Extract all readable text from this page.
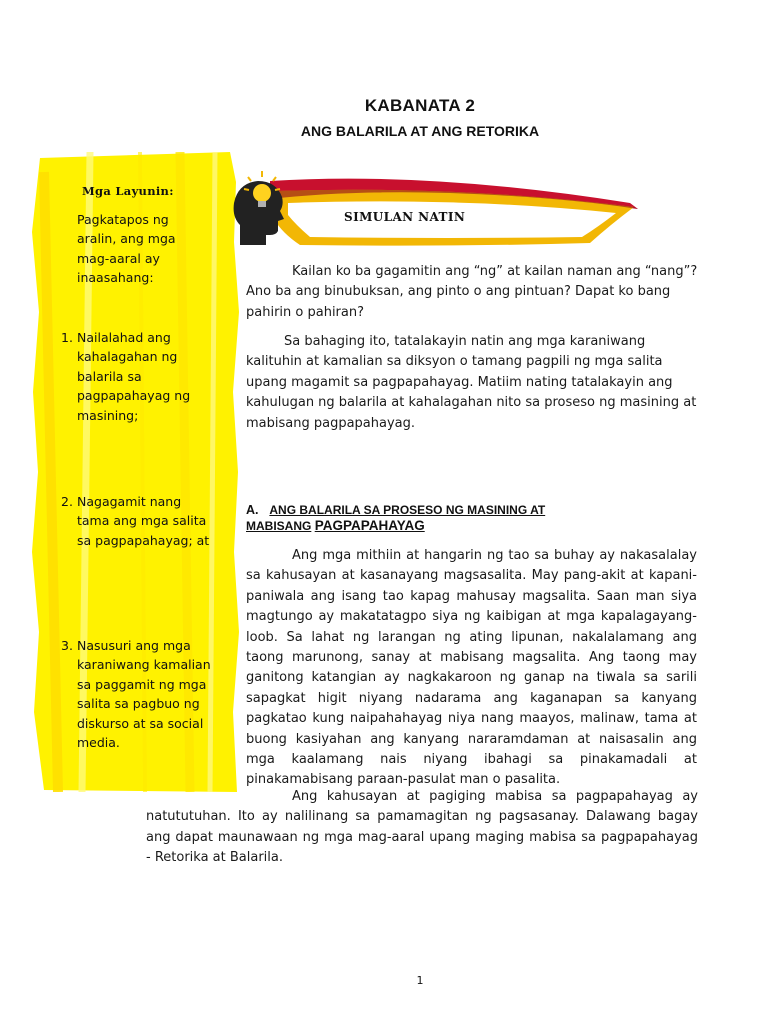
KABANATA 2
ANG BALARILA AT ANG RETORIKA
Mga Layunin:
Pagkatapos ng aralin, ang mga mag-aaral ay inaasahang:
1. Nailalahad ang kahalagahan ng balarila sa pagpapahayag ng masining;
2. Nagagamit nang tama ang mga salita sa pagpapahayag; at
3. Nasusuri ang mga karaniwang kamalian sa paggamit ng mga salita sa pagbuo ng diskurso at sa social media.
SIMULAN NATIN
Kailan ko ba gagamitin ang “ng” at kailan naman ang “nang”? Ano ba ang binubuksan, ang pinto o ang pintuan? Dapat ko bang pahirin o pahiran?
Sa bahaging ito, tatalakayin natin ang mga karaniwang kalituhin at kamalian sa diksyon o tamang pagpili ng mga salita upang magamit sa pagpapahayag. Matiim nating tatalakayin ang kahulugan ng balarila at kahalagahan nito sa proseso ng masining at mabisang pagpapahayag.
A. ANG BALARILA SA PROSESO NG MASINING AT
MABISANG PAGPAPAHAYAG
Ang mga mithiin at hangarin ng tao sa buhay ay nakasalalay sa kahusayan at kasanayang magsasalita. May pang-akit at kapani-paniwala ang isang tao kapag mahusay magsalita. Saan man siya magtungo ay makatatagpo siya ng kaibigan at mga kapalagayang-loob. Sa lahat ng larangan ng ating lipunan, nakalalamang ang taong marunong, sanay at mabisang magsalita. Ang taong may ganitong katangian ay nagkakaroon ng ganap na tiwala sa sarili sapagkat higit niyang nadarama ang kaganapan sa kanyang pagkatao kung naipahahayag niya nang maayos, malinaw, tama at buong kasiyahan ang kanyang nararamdaman at naisasalin ang mga kaalamang nais niyang ibahagi sa pinakamadali at pinakamabisang paraan-pasulat man o pasalita.
Ang kahusayan at pagiging mabisa sa pagpapahayag ay natututuhan. Ito ay nalilinang sa pamamagitan ng pagsasanay. Dalawang bagay ang dapat maunawaan ng mga mag-aaral upang maging mabisa sa pagpapahayag - Retorika at Balarila.
1
